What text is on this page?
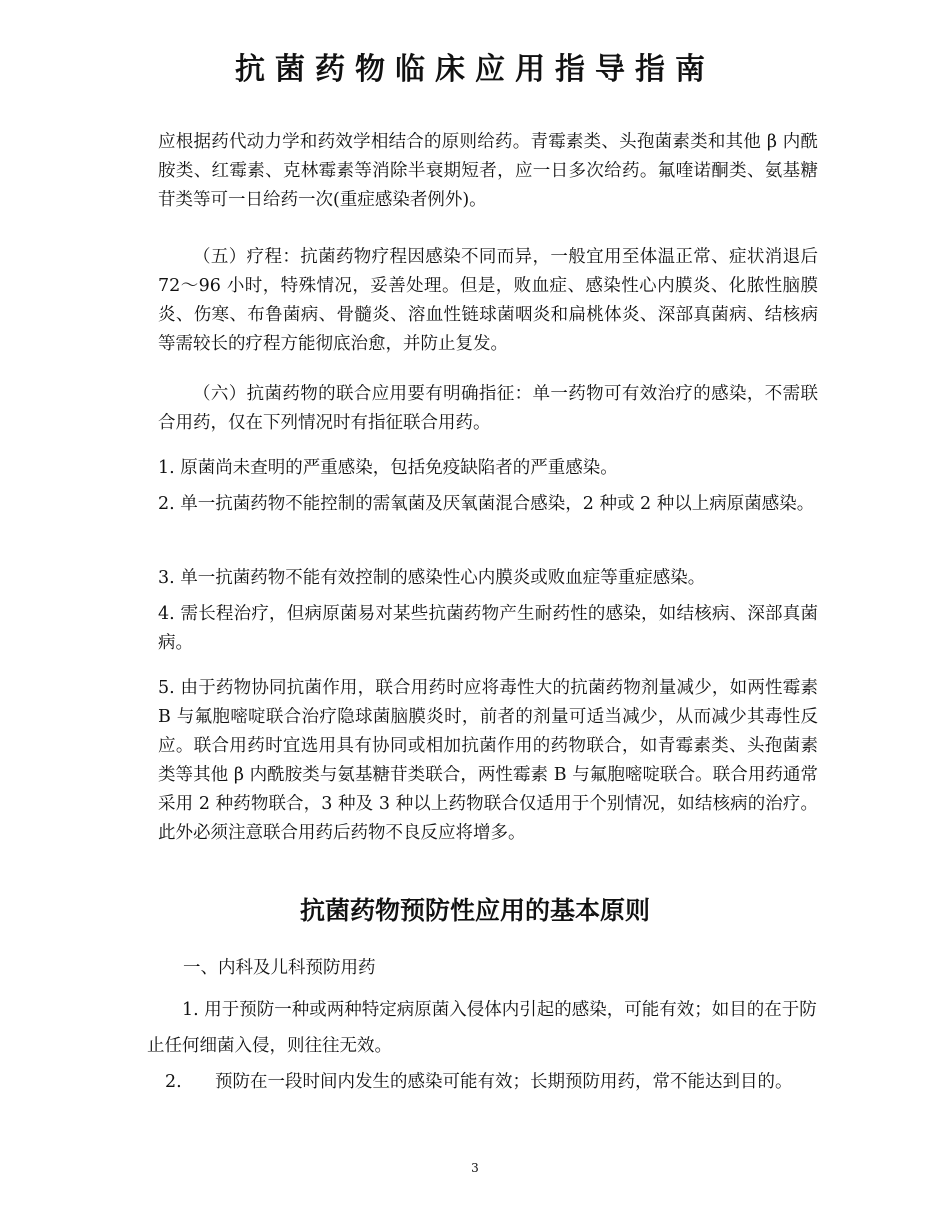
抗菌药物临床应用指导指南

应根据药代动力学和药效学相结合的原则给药。青霉素类、头孢菌素类和其他 β 内酰胺类、红霉素、克林霉素等消除半衰期短者，应一日多次给药。氟喹诺酮类、氨基糖苷类等可一日给药一次(重症感染者例外)。

（五）疗程：抗菌药物疗程因感染不同而异，一般宜用至体温正常、症状消退后 72～96 小时，特殊情况，妥善处理。但是，败血症、感染性心内膜炎、化脓性脑膜炎、伤寒、布鲁菌病、骨髓炎、溶血性链球菌咽炎和扁桃体炎、深部真菌病、结核病等需较长的疗程方能彻底治愈，并防止复发。

（六）抗菌药物的联合应用要有明确指征：单一药物可有效治疗的感染，不需联合用药，仅在下列情况时有指征联合用药。

1. 原菌尚未查明的严重感染，包括免疫缺陷者的严重感染。

2. 单一抗菌药物不能控制的需氧菌及厌氧菌混合感染，2 种或 2 种以上病原菌感染。

3. 单一抗菌药物不能有效控制的感染性心内膜炎或败血症等重症感染。

4. 需长程治疗，但病原菌易对某些抗菌药物产生耐药性的感染，如结核病、深部真菌病。

5. 由于药物协同抗菌作用，联合用药时应将毒性大的抗菌药物剂量减少，如两性霉素 B 与氟胞嘧啶联合治疗隐球菌脑膜炎时，前者的剂量可适当减少，从而减少其毒性反应。联合用药时宜选用具有协同或相加抗菌作用的药物联合，如青霉素类、头孢菌素类等其他 β 内酰胺类与氨基糖苷类联合，两性霉素 B 与氟胞嘧啶联合。联合用药通常采用 2 种药物联合，3 种及 3 种以上药物联合仅适用于个别情况，如结核病的治疗。此外必须注意联合用药后药物不良反应将增多。

抗菌药物预防性应用的基本原则

一、内科及儿科预防用药

1. 用于预防一种或两种特定病原菌入侵体内引起的感染，可能有效；如目的在于防止任何细菌入侵，则往往无效。

2. 预防在一段时间内发生的感染可能有效；长期预防用药，常不能达到目的。

3
